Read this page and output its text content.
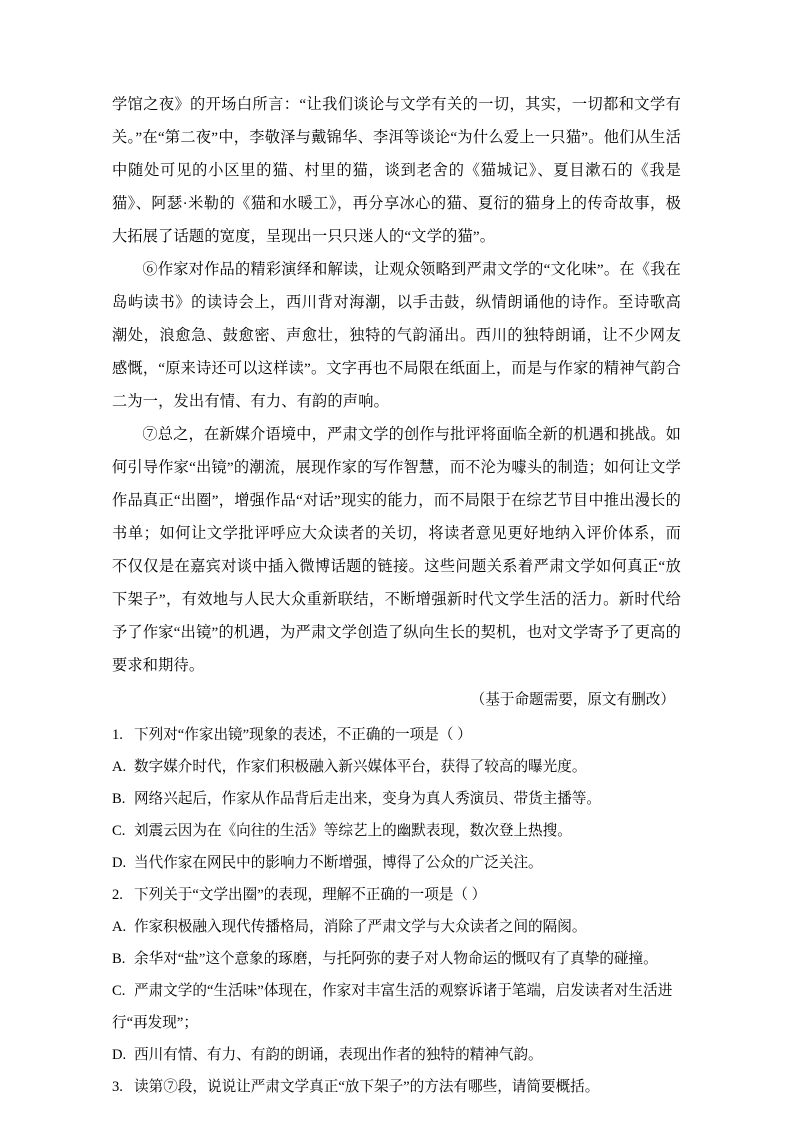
学馆之夜》的开场白所言：“让我们谈论与文学有关的一切，其实，一切都和文学有关。”在“第二夜”中，李敬泽与戴锦华、李洱等谈论“为什么爱上一只猫”。他们从生活中随处可见的小区里的猫、村里的猫，谈到老舍的《猫城记》、夏目漱石的《我是猫》、阿瑟·米勒的《猫和水暖工》，再分享冰心的猫、夏衍的猫身上的传奇故事，极大拓展了话题的宽度，呈现出一只只迷人的“文学的猫”。

⑥作家对作品的精彩演绎和解读，让观众领略到严肃文学的“文化味”。在《我在岛屿读书》的读诗会上，西川背对海潮，以手击鼓，纵情朗诵他的诗作。至诗歌高潮处，浪愈急、鼓愈密、声愈壮，独特的气韵涌出。西川的独特朗诵，让不少网友感慨，“原来诗还可以这样读”。文字再也不局限在纸面上，而是与作家的精神气韵合二为一，发出有情、有力、有韵的声响。

⑦总之，在新媒介语境中，严肃文学的创作与批评将面临全新的机遇和挑战。如何引导作家“出镜”的潮流，展现作家的写作智慧，而不沦为噱头的制造；如何让文学作品真正“出圈”，增强作品“对话”现实的能力，而不局限于在综艺节目中推出漫长的书单；如何让文学批评呼应大众读者的关切，将读者意见更好地纳入评价体系，而不仅仅是在嘉宾对谈中插入微博话题的链接。这些问题关系着严肃文学如何真正“放下架子”，有效地与人民大众重新联结，不断增强新时代文学生活的活力。新时代给予了作家“出镜”的机遇，为严肃文学创造了纵向生长的契机，也对文学寄予了更高的要求和期待。

（基于命题需要，原文有删改）
1. 下列对“作家出镜”现象的表述，不正确的一项是（ ）
A. 数字媒介时代，作家们积极融入新兴媒体平台，获得了较高的曝光度。
B. 网络兴起后，作家从作品背后走出来，变身为真人秀演员、带货主播等。
C. 刘震云因为在《向往的生活》等综艺上的幽默表现，数次登上热搜。
D. 当代作家在网民中的影响力不断增强，博得了公众的广泛关注。
2. 下列关于“文学出圈”的表现，理解不正确的一项是（ ）
A. 作家积极融入现代传播格局，消除了严肃文学与大众读者之间的隔阂。
B. 余华对“盐”这个意象的琢磨，与托阿弥的妻子对人物命运的慨叹有了真挚的碰撞。
C. 严肃文学的“生活味”体现在，作家对丰富生活的观察诉诸于笔端，启发读者对生活进
行“再发现”；
D. 西川有情、有力、有韵的朗诵，表现出作者的独特的精神气韵。
3. 读第⑦段，说说让严肃文学真正“放下架子”的方法有哪些，请简要概括。
